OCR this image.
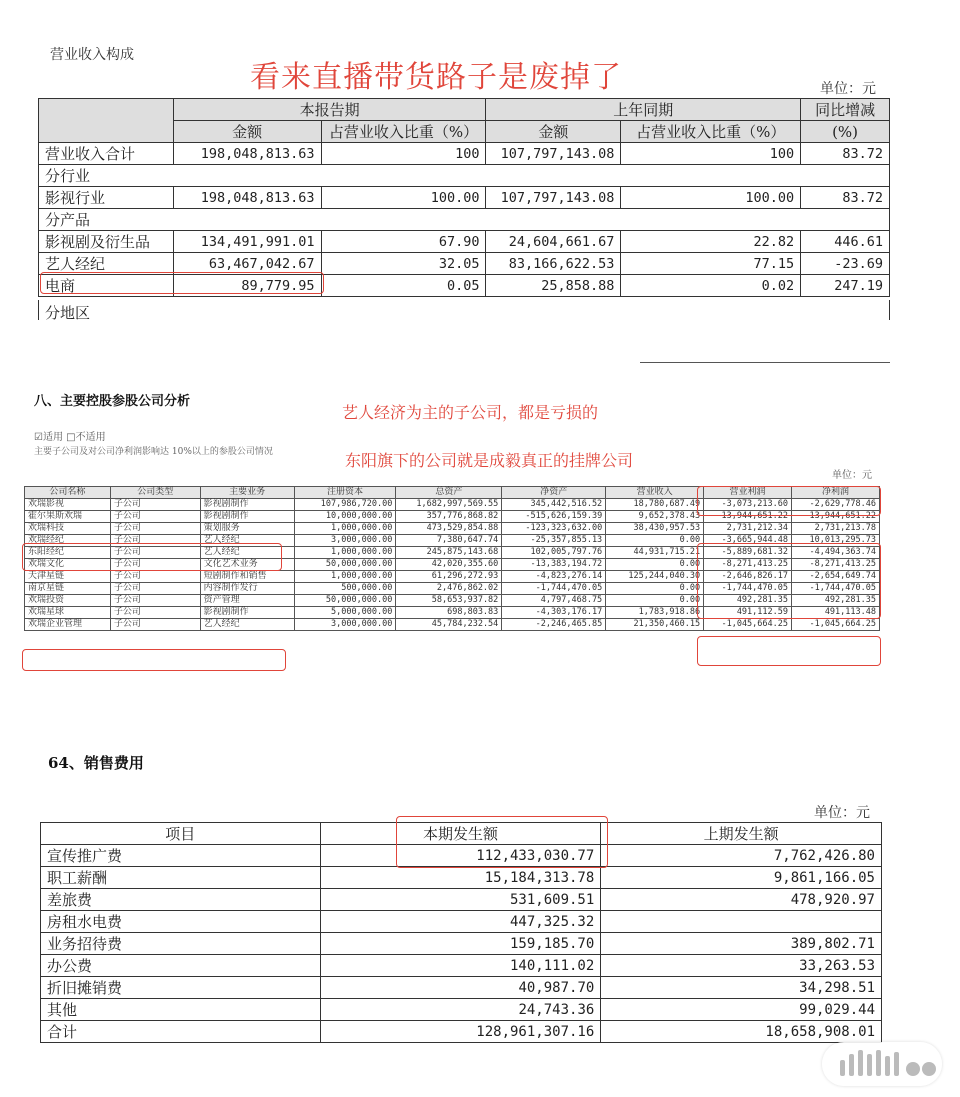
营业收入构成
看来直播带货路子是废掉了	单位：元
	本报告期		上年同期		同比增减
	金额	占营业收入比重（%）	金额	占营业收入比重（%）	(%)
营业收入合计	198,048,813.63	100	107,797,143.08	100	83.72
分行业					
影视行业	198,048,813.63	100.00	107,797,143.08	100.00	83.72
分产品					
影视剧及衍生品	134,491,991.01	67.90	24,604,661.67	22.82	446.61
艺人经纪	63,467,042.67	32.05	83,166,622.53	77.15	-23.69
电商	89,779.95	0.05	25,858.88	0.02	247.19
分地区
八、主要控股参股公司分析
艺人经济为主的子公司，都是亏损的
东阳旗下的公司就是成毅真正的挂牌公司
☑适用 □不适用
主要子公司及对公司净利润影响达 10%以上的参股公司情况
单位：元
公司名称	公司类型	主要业务	注册资本	总资产	净资产	营业收入	营业利润	净利润
欢瑞影视	子公司	影视剧制作	107,986,720.00	1,682,997,569.55	345,442,516.52	18,780,687.49	-3,073,213.60	-2,629,778.46
霍尔果斯欢瑞	子公司	影视剧制作	10,000,000.00	357,776,868.82	-515,626,159.39	9,652,378.43	13,944,651.22	13,944,651.22
欢瑞科技	子公司	策划服务	1,000,000.00	473,529,854.88	-123,323,632.00	38,430,957.53	2,731,212.34	2,731,213.78
欢瑞经纪	子公司	艺人经纪	3,000,000.00	7,380,647.74	-25,357,855.13	0.00	-3,665,944.48	10,013,295.73
东阳经纪	子公司	艺人经纪	1,000,000.00	245,875,143.68	102,005,797.76	44,931,715.21	-5,889,681.32	-4,494,363.74
欢瑞文化	子公司	文化艺术业务	50,000,000.00	42,020,355.60	-13,383,194.72	0.00	-8,271,413.25	-8,271,413.25
天津星链	子公司	短剧制作和销售	1,000,000.00	61,296,272.93	-4,823,276.14	125,244,040.30	-2,646,826.17	-2,654,649.74
南京星链	子公司	内容制作发行	500,000.00	2,476,862.02	-1,744,470.05	0.00	-1,744,470.05	-1,744,470.05
欢瑞投资	子公司	资产管理	50,000,000.00	58,653,937.82	4,797,468.75	0.00	492,281.35	492,281.35
欢瑞星球	子公司	影视剧制作	5,000,000.00	698,803.83	-4,303,176.17	1,783,918.86	491,112.59	491,113.48
欢瑞企业管理	子公司	艺人经纪	3,000,000.00	45,784,232.54	-2,246,465.85	21,350,460.15	-1,045,664.25	-1,045,664.25
64、销售费用
单位：元
项目	本期发生额	上期发生额
宣传推广费	112,433,030.77	7,762,426.80
职工薪酬	15,184,313.78	9,861,166.05
差旅费	531,609.51	478,920.97
房租水电费	447,325.32	
业务招待费	159,185.70	389,802.71
办公费	140,111.02	33,263.53
折旧摊销费	40,987.70	34,298.51
其他	24,743.36	99,029.44
合计	128,961,307.16	18,658,908.01
